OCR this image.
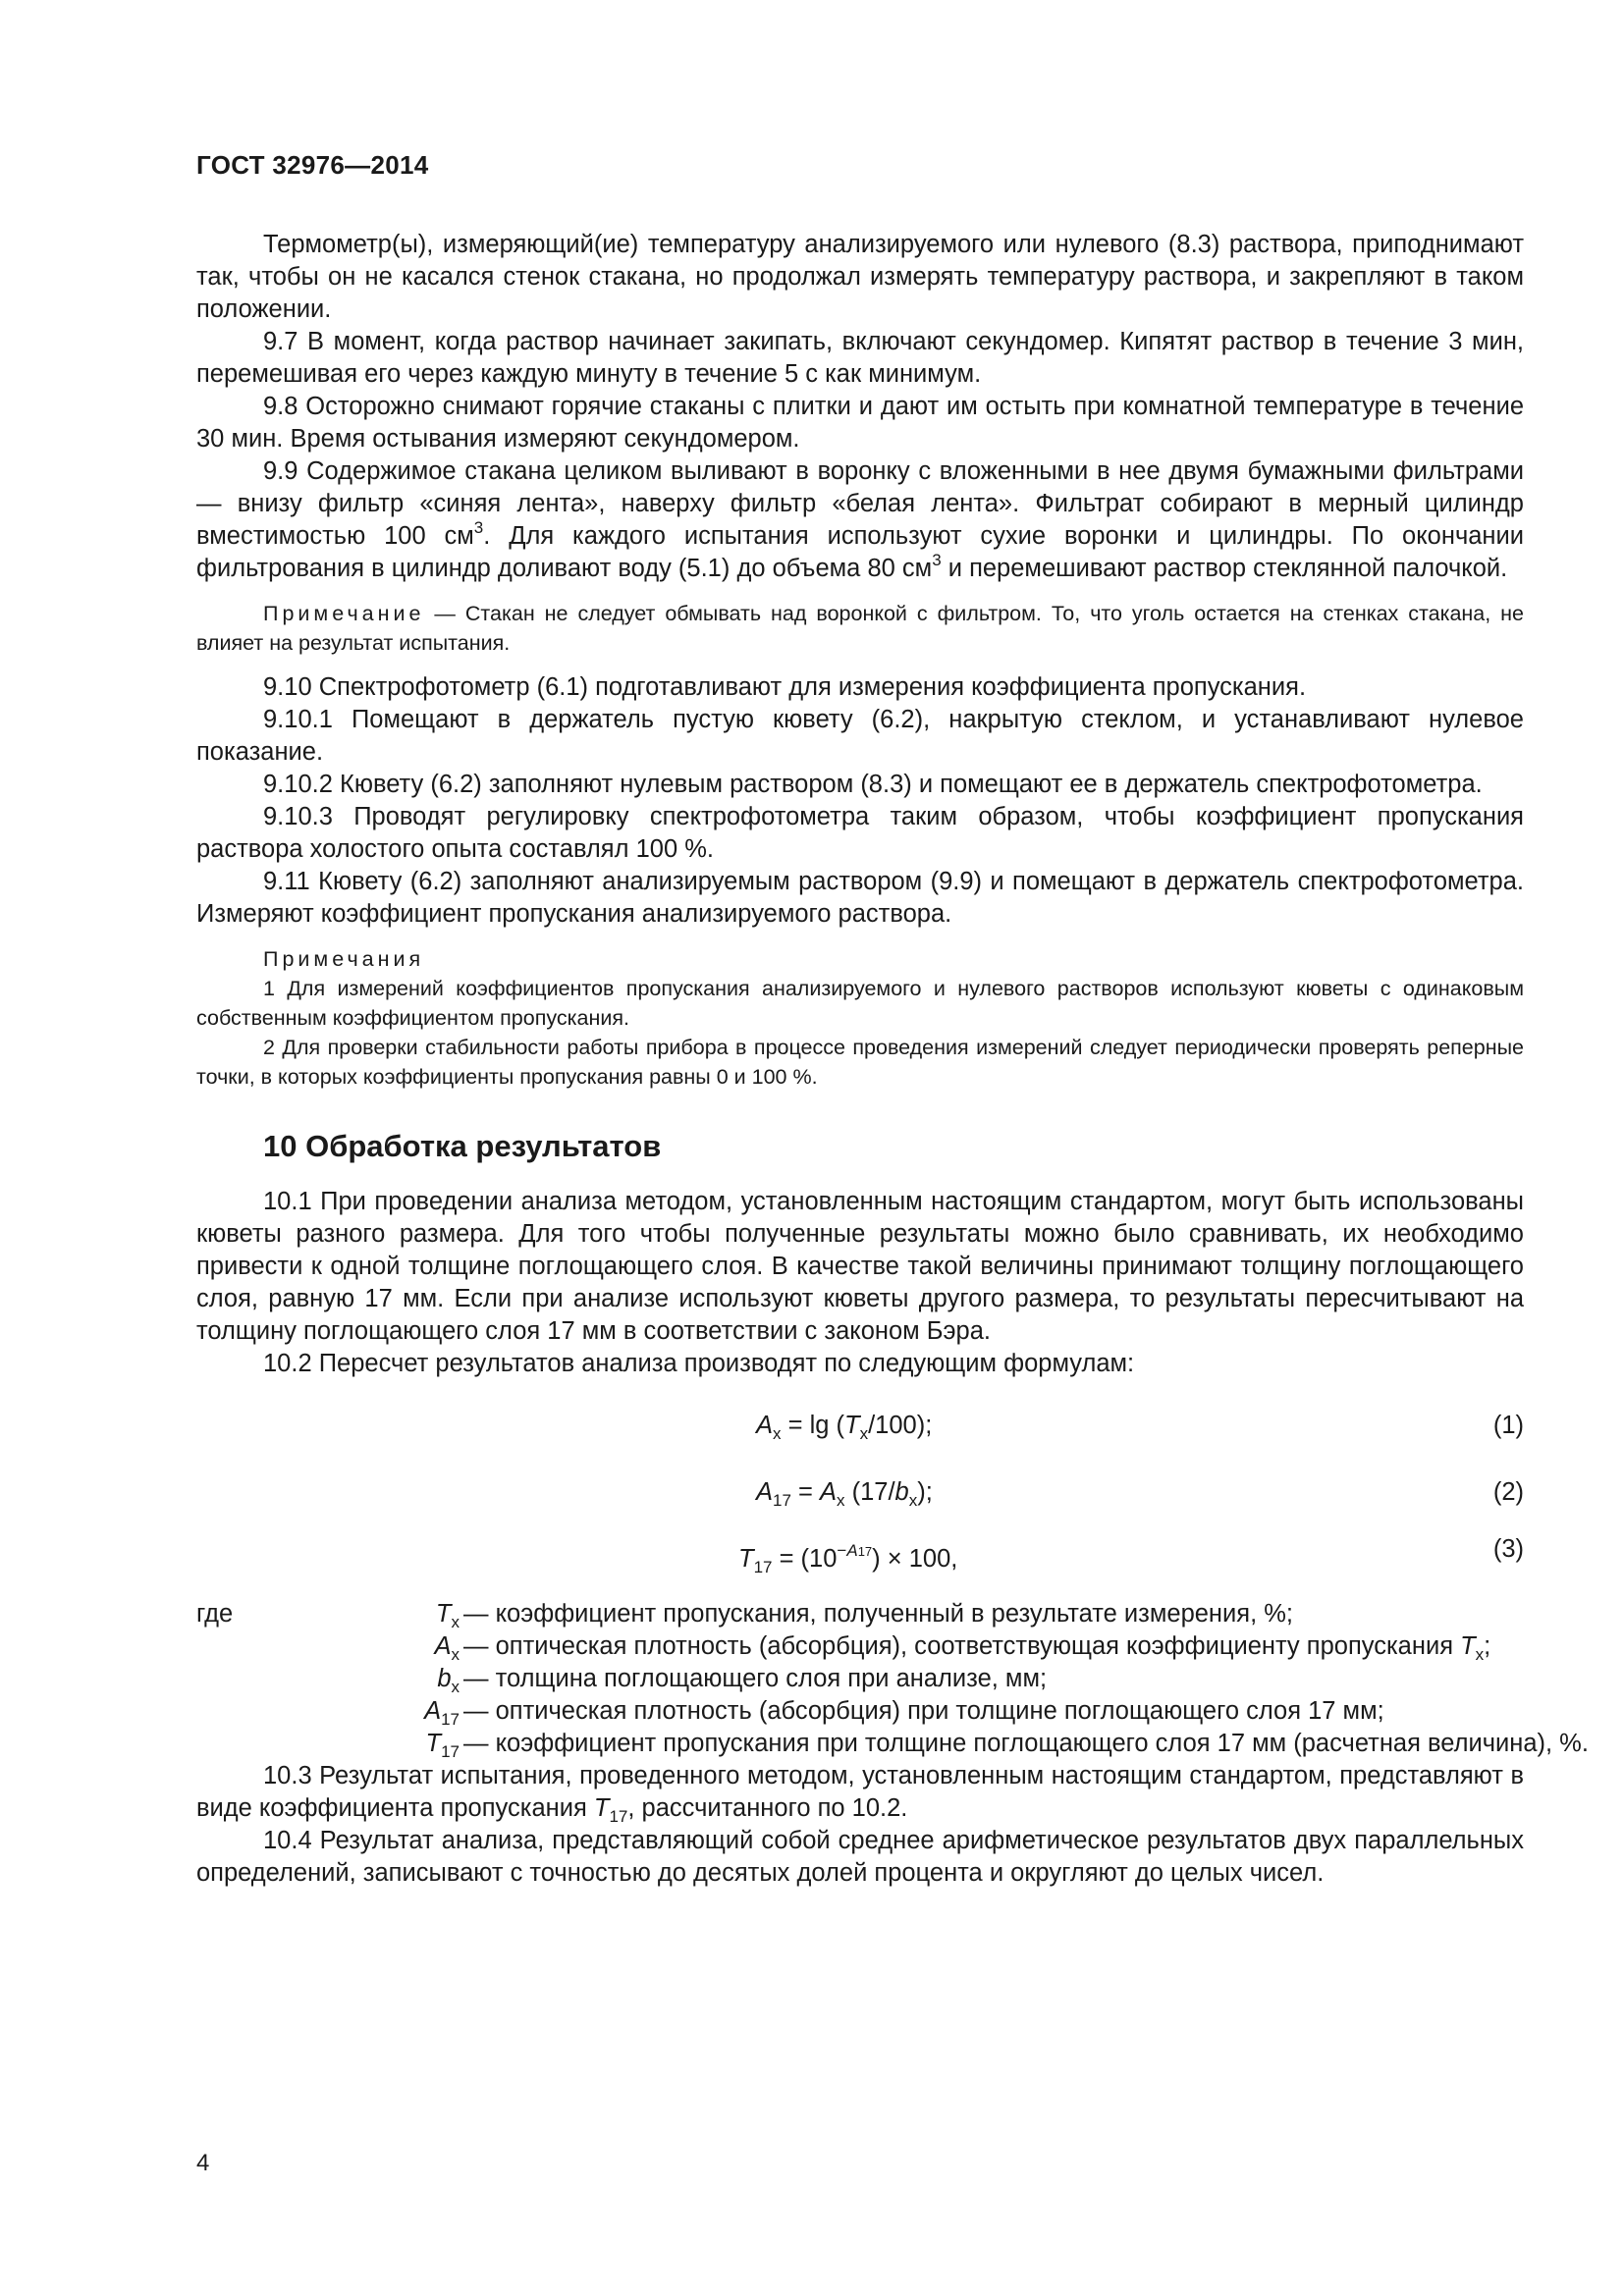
ГОСТ 32976—2014

Термометр(ы), измеряющий(ие) температуру анализируемого или нулевого (8.3) раствора, приподнимают так, чтобы он не касался стенок стакана, но продолжал измерять температуру раствора, и закрепляют в таком положении.

9.7 В момент, когда раствор начинает закипать, включают секундомер. Кипятят раствор в течение 3 мин, перемешивая его через каждую минуту в течение 5 с как минимум.

9.8 Осторожно снимают горячие стаканы с плитки и дают им остыть при комнатной температуре в течение 30 мин. Время остывания измеряют секундомером.

9.9 Содержимое стакана целиком выливают в воронку с вложенными в нее двумя бумажными фильтрами — внизу фильтр «синяя лента», наверху фильтр «белая лента». Фильтрат собирают в мерный цилиндр вместимостью 100 $см^3$. Для каждого испытания используют сухие воронки и цилиндры. По окончании фильтрования в цилиндр доливают воду (5.1) до объема 80 $см^3$ и перемешивают раствор стеклянной палочкой.

Примечание — Стакан не следует обмывать над воронкой с фильтром. То, что уголь остается на стенках стакана, не влияет на результат испытания.

9.10 Спектрофотометр (6.1) подготавливают для измерения коэффициента пропускания.

9.10.1 Помещают в держатель пустую кювету (6.2), накрытую стеклом, и устанавливают нулевое показание.

9.10.2 Кювету (6.2) заполняют нулевым раствором (8.3) и помещают ее в держатель спектрофотометра.

9.10.3 Проводят регулировку спектрофотометра таким образом, чтобы коэффициент пропускания раствора холостого опыта составлял 100 %.

9.11 Кювету (6.2) заполняют анализируемым раствором (9.9) и помещают в держатель спектрофотометра. Измеряют коэффициент пропускания анализируемого раствора.

Примечания

1 Для измерений коэффициентов пропускания анализируемого и нулевого растворов используют кюветы с одинаковым собственным коэффициентом пропускания.

2 Для проверки стабильности работы прибора в процессе проведения измерений следует периодически проверять реперные точки, в которых коэффициенты пропускания равны 0 и 100 %.

10 Обработка результатов

10.1 При проведении анализа методом, установленным настоящим стандартом, могут быть использованы кюветы разного размера. Для того чтобы полученные результаты можно было сравнивать, их необходимо привести к одной толщине поглощающего слоя. В качестве такой величины принимают толщину поглощающего слоя, равную 17 мм. Если при анализе используют кюветы другого размера, то результаты пересчитывают на толщину поглощающего слоя 17 мм в соответствии с законом Бэра.

10.2 Пересчет результатов анализа производят по следующим формулам:

$A_x = \lg (T_x/100)$;	(1)
$A_{17} = A_x$ $(17/b_x)$;	(2)
$T_{17} = (10^{-A17}) \times 100$,	(3)
где	$T_x$ — коэффициент пропускания, полученный в результате измерения, %;
$A_x$ — оптическая плотность (абсорбция), соответствующая коэффициенту пропускания $T_x$;
$b_x$ — толщина поглощающего слоя при анализе, мм;
$A_{17}$ — оптическая плотность (абсорбция) при толщине поглощающего слоя 17 мм;
$T_{17}$ — коэффициент пропускания при толщине поглощающего слоя 17 мм (расчетная величина), %.

10.3 Результат испытания, проведенного методом, установленным настоящим стандартом, представляют в виде коэффициента пропускания $T_{17}$, рассчитанного по 10.2.

10.4 Результат анализа, представляющий собой среднее арифметическое результатов двух параллельных определений, записывают с точностью до десятых долей процента и округляют до целых чисел.

4
